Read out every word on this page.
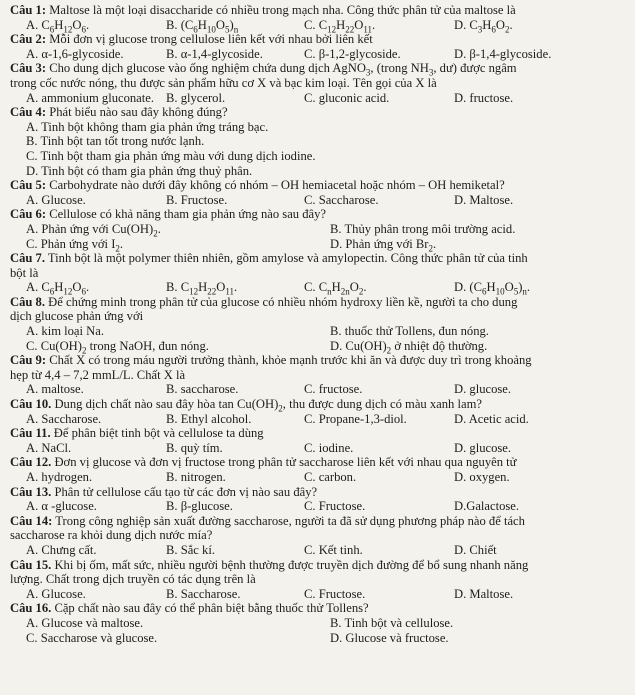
Câu 1: Maltose là một loại disaccharide có nhiều trong mạch nha. Công thức phân tử của maltose là
A. $C_6H_{12}O_6$.	B. $(C_6H_{10}O_5)_n$	C. $C_{12}H_{22}O_{11}$.	D. $C_3H_6O_2$.
Câu 2: Mỗi đơn vị glucose trong cellulose liên kết với nhau bởi liên kết
A. α-1,6-glycoside.	B. α-1,4-glycoside.	C. β-1,2-glycoside.	D. β-1,4-glycoside.
Câu 3: Cho dung dịch glucose vào ống nghiệm chứa dung dịch AgNO$_3$, (trong $NH_3$, dư) được ngâm
trong cốc nước nóng, thu được sản phẩm hữu cơ X và bạc kim loại. Tên gọi của X là
A. ammonium gluconate. B. glycerol.	C. gluconic acid.	D. fructose.
Câu 4: Phát biểu nào sau đây không đúng?
A. Tinh bột không tham gia phản ứng tráng bạc.
B. Tinh bột tan tốt trong nước lạnh.
C. Tinh bột tham gia phản ứng màu với dung dịch iodine.
D. Tinh bột có tham gia phản ứng thuỷ phân.
Câu 5: Carbohydrate nào dưới đây không có nhóm – OH hemiacetal hoặc nhóm – OH hemiketal?
A. Glucose.	B. Fructose.	C. Saccharose.	D. Maltose.
Câu 6: Cellulose có khả năng tham gia phản ứng nào sau đây?
A. Phản ứng với $Cu(OH)_2$.	B. Thủy phân trong môi trường acid.
C. Phản ứng với $I_2$.	D. Phản ứng với $Br_2$.
Câu 7. Tinh bột là một polymer thiên nhiên, gồm amylose và amylopectin. Công thức phân tử của tinh
bột là
A. $C_6H_{12}O_6$.	B. $C_{12}H_{22}O_{11}$.	C. $C_nH_{2n}O_2$.	D. $(C_6H_{10}O_5)_n$.
Câu 8. Để chứng minh trong phân tử của glucose có nhiều nhóm hydroxy liền kề, người ta cho dung
dịch glucose phản ứng với
A. kim loại Na.	B. thuốc thử Tollens, đun nóng.
C. $Cu(OH)_2$ trong NaOH, đun nóng.	D. $Cu(OH)_2$ ở nhiệt độ thường.
Câu 9: Chất X có trong máu người trưởng thành, khỏe mạnh trước khi ăn và được duy trì trong khoảng
hẹp từ 4,4 – 7,2 mmL/L. Chất X là
A. maltose.	B. saccharose.	C. fructose.	D. glucose.
Câu 10. Dung dịch chất nào sau đây hòa $\tan Cu(OH)_2$, thu được dung dịch có màu xanh lam?
A. Saccharose.	B. Ethyl alcohol.	C. Propane-1,3-diol.	D. Acetic acid.
Câu 11. Để phân biệt tinh bột và cellulose ta dùng
A. NaCl.	B. quỳ tím.	C. iodine.	D. glucose.
Câu 12. Đơn vị glucose và đơn vị fructose trong phân tử saccharose liên kết với nhau qua nguyên tử
A. hydrogen.	B. nitrogen.	C. carbon.	D. oxygen.
Câu 13. Phân tử cellulose cấu tạo từ các đơn vị nào sau đây?
A. α -glucose.	B. β-glucose.	C. Fructose.	D.Galactose.
Câu 14: Trong công nghiệp sản xuất đường saccharose, người ta đã sử dụng phương pháp nào để tách
saccharose ra khỏi dung dịch nước mía?
A. Chưng cất.	B. Sắc kí.	C. Kết tinh.	D. Chiết
Câu 15. Khi bị ốm, mất sức, nhiều người bệnh thường được truyền dịch đường để bổ sung nhanh năng
lượng. Chất trong dịch truyền có tác dụng trên là
A. Glucose.	B. Saccharose.	C. Fructose.	D. Maltose.
Câu 16. Cặp chất nào sau đây có thể phân biệt bằng thuốc thử Tollens?
A. Glucose và maltose.	B. Tinh bột và cellulose.
C. Saccharose và glucose.	D. Glucose và fructose.
